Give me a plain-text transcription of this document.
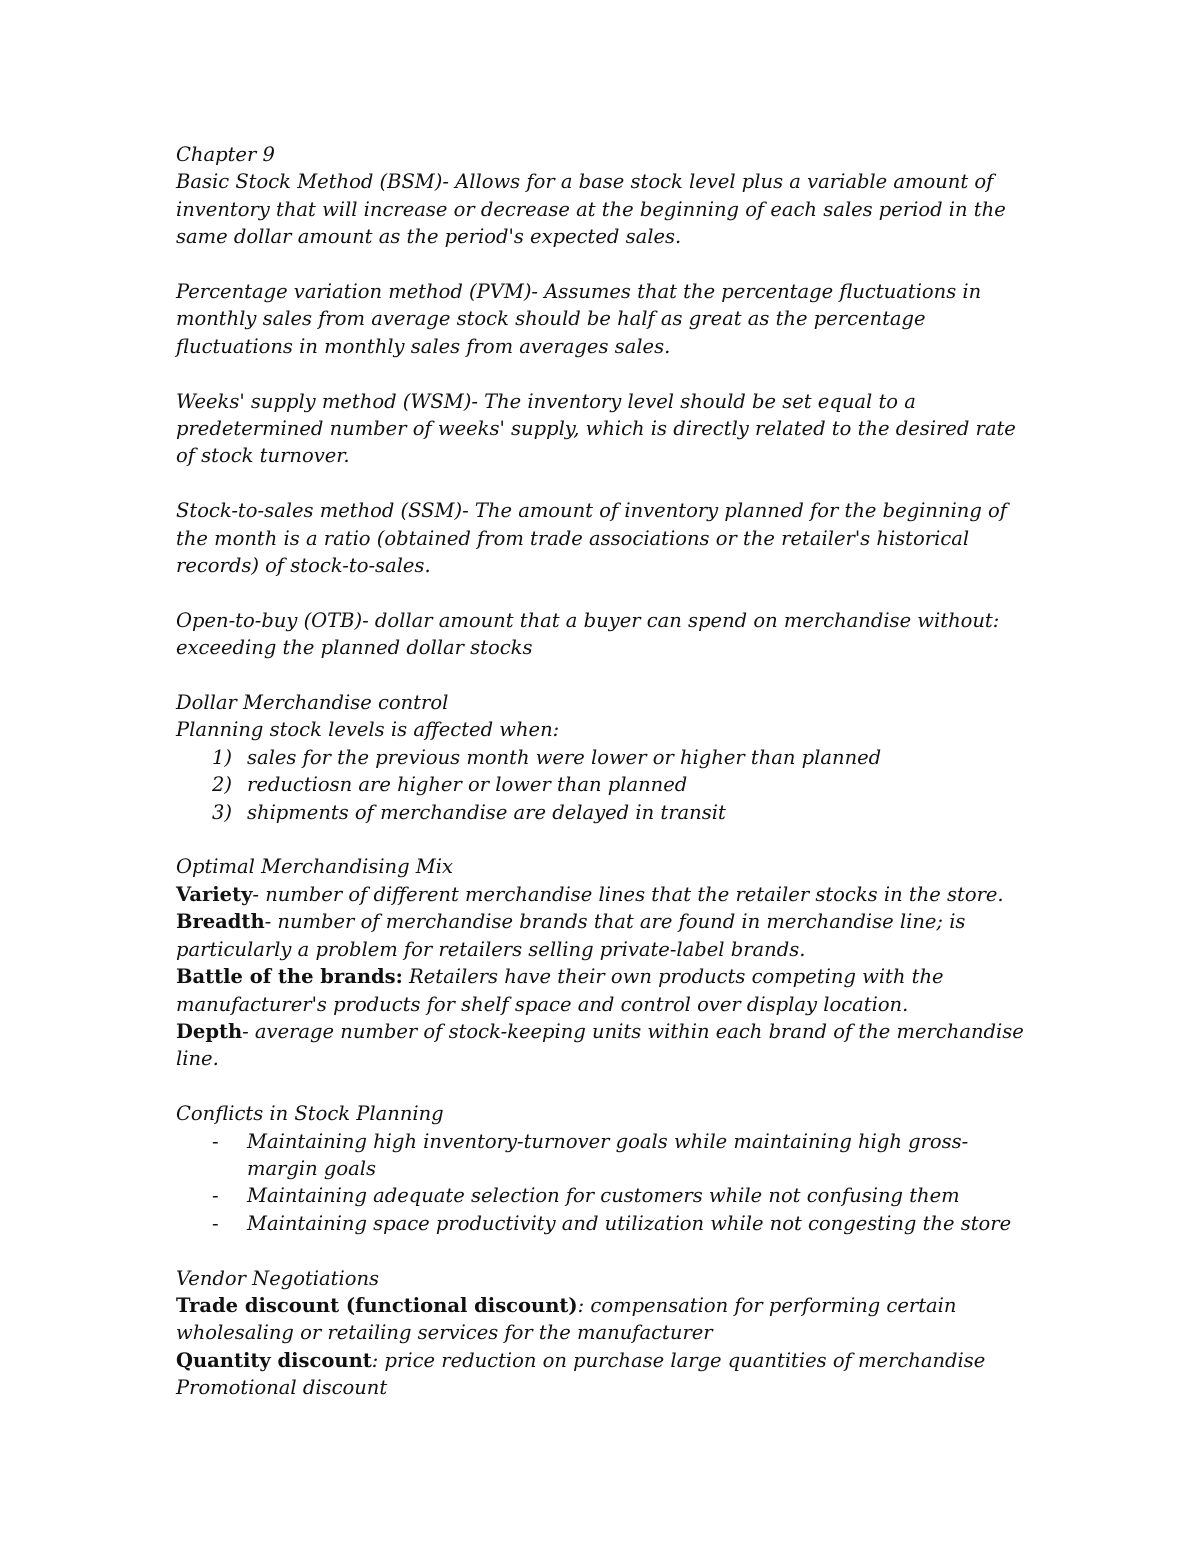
Chapter 9

Basic Stock Method (BSM)- Allows for a base stock level plus a variable amount of inventory that will increase or decrease at the beginning of each sales period in the same dollar amount as the period's expected sales.

Percentage variation method (PVM)- Assumes that the percentage fluctuations in monthly sales from average stock should be half as great as the percentage fluctuations in monthly sales from averages sales.

Weeks' supply method (WSM)- The inventory level should be set equal to a predetermined number of weeks' supply, which is directly related to the desired rate of stock turnover.

Stock-to-sales method (SSM)- The amount of inventory planned for the beginning of the month is a ratio (obtained from trade associations or the retailer's historical records) of stock-to-sales.

Open-to-buy (OTB)- dollar amount that a buyer can spend on merchandise without: exceeding the planned dollar stocks

Dollar Merchandise control

Planning stock levels is affected when:

1) sales for the previous month were lower or higher than planned
2) reductiosn are higher or lower than planned
3) shipments of merchandise are delayed in transit

Optimal Merchandising Mix

Variety- number of different merchandise lines that the retailer stocks in the store.

Breadth- number of merchandise brands that are found in merchandise line; is particularly a problem for retailers selling private-label brands.

Battle of the brands: Retailers have their own products competing with the manufacturer's products for shelf space and control over display location.

Depth- average number of stock-keeping units within each brand of the merchandise line.

Conflicts in Stock Planning

- Maintaining high inventory-turnover goals while maintaining high gross-margin goals
- Maintaining adequate selection for customers while not confusing them
- Maintaining space productivity and utilization while not congesting the store

Vendor Negotiations

Trade discount (functional discount): compensation for performing certain wholesaling or retailing services for the manufacturer

Quantity discount: price reduction on purchase large quantities of merchandise

Promotional discount
